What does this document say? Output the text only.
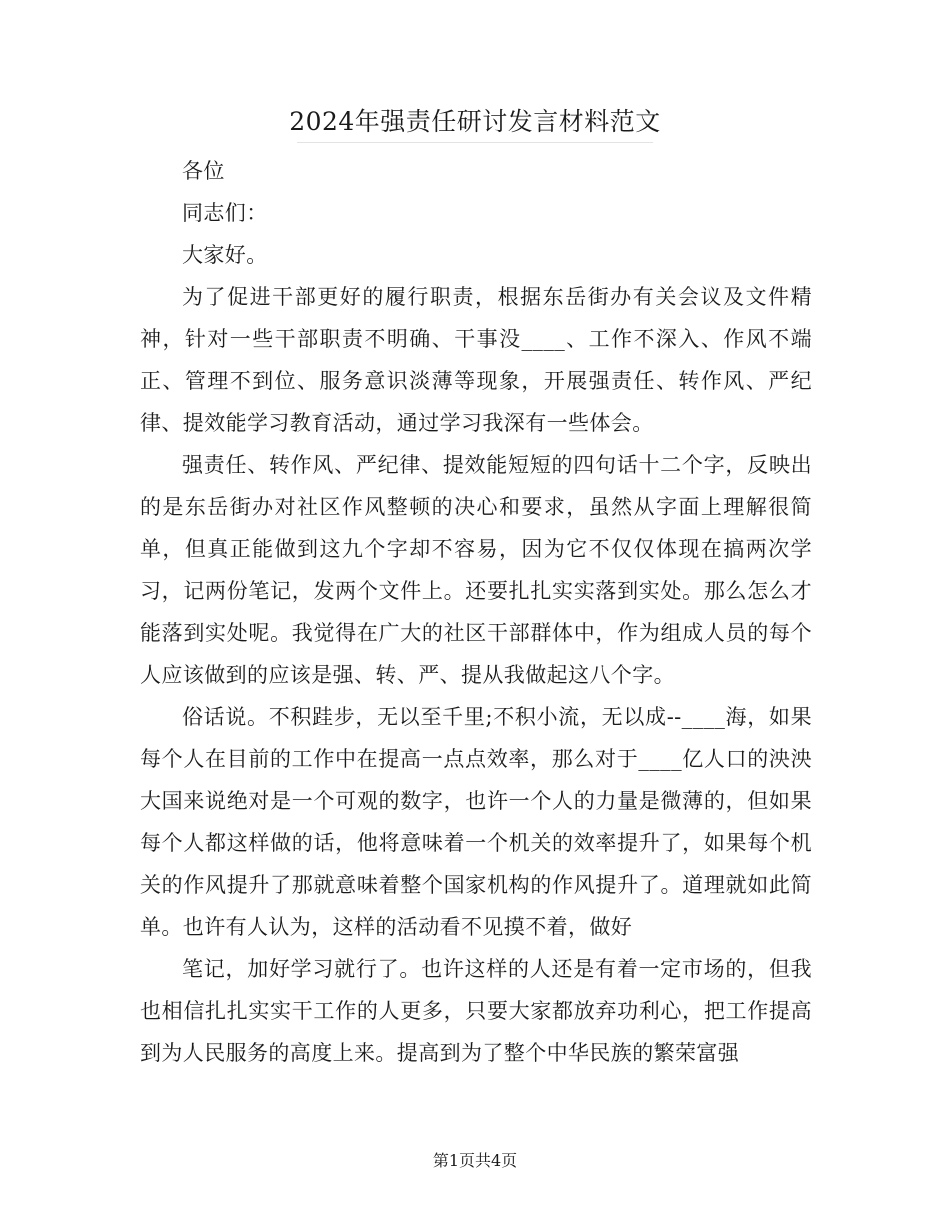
2024年强责任研讨发言材料范文

各位

同志们：

大家好。

为了促进干部更好的履行职责，根据东岳街办有关会议及文件精神，针对一些干部职责不明确、干事没____、工作不深入、作风不端正、管理不到位、服务意识淡薄等现象，开展强责任、转作风、严纪律、提效能学习教育活动，通过学习我深有一些体会。

强责任、转作风、严纪律、提效能短短的四句话十二个字，反映出的是东岳街办对社区作风整顿的决心和要求，虽然从字面上理解很简单，但真正能做到这九个字却不容易，因为它不仅仅体现在搞两次学习，记两份笔记，发两个文件上。还要扎扎实实落到实处。那么怎么才能落到实处呢。我觉得在广大的社区干部群体中，作为组成人员的每个人应该做到的应该是强、转、严、提从我做起这八个字。

俗话说。不积跬步，无以至千里;不积小流，无以成--____海，如果每个人在目前的工作中在提高一点点效率，那么对于____亿人口的泱泱大国来说绝对是一个可观的数字，也许一个人的力量是微薄的，但如果每个人都这样做的话，他将意味着一个机关的效率提升了，如果每个机关的作风提升了那就意味着整个国家机构的作风提升了。道理就如此简单。也许有人认为，这样的活动看不见摸不着，做好

笔记，加好学习就行了。也许这样的人还是有着一定市场的，但我也相信扎扎实实干工作的人更多，只要大家都放弃功利心，把工作提高到为人民服务的高度上来。提高到为了整个中华民族的繁荣富强

第1页共4页
